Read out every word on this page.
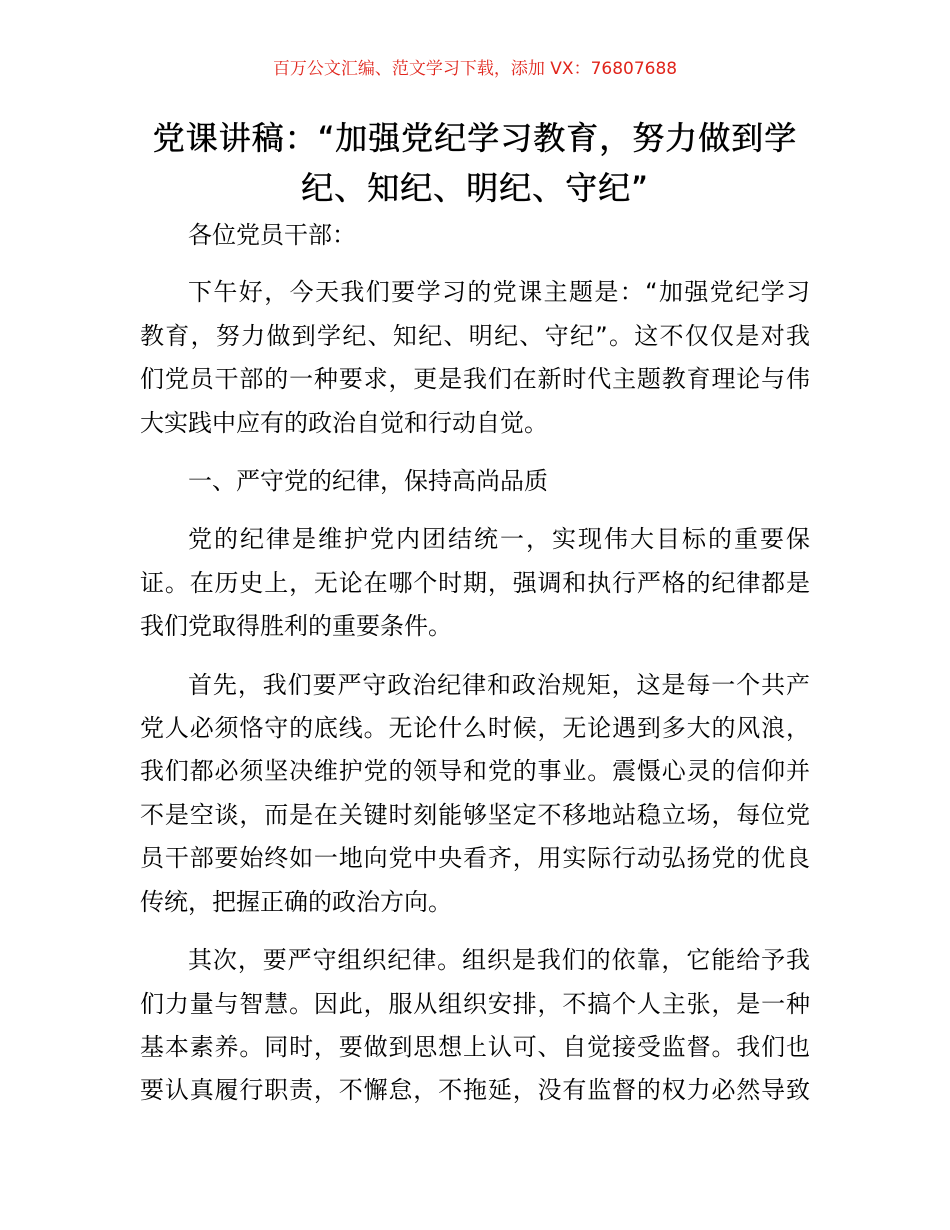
百万公文汇编、范文学习下载，添加 VX：76807688
党课讲稿：“加强党纪学习教育，努力做到学
纪、知纪、明纪、守纪”

各位党员干部：

下午好，今天我们要学习的党课主题是：“加强党纪学习
教育，努力做到学纪、知纪、明纪、守纪”。这不仅仅是对我
们党员干部的一种要求，更是我们在新时代主题教育理论与伟
大实践中应有的政治自觉和行动自觉。

一、严守党的纪律，保持高尚品质

党的纪律是维护党内团结统一，实现伟大目标的重要保
证。在历史上，无论在哪个时期，强调和执行严格的纪律都是
我们党取得胜利的重要条件。

首先，我们要严守政治纪律和政治规矩，这是每一个共产
党人必须恪守的底线。无论什么时候，无论遇到多大的风浪，
我们都必须坚决维护党的领导和党的事业。震慑心灵的信仰并
不是空谈，而是在关键时刻能够坚定不移地站稳立场，每位党
员干部要始终如一地向党中央看齐，用实际行动弘扬党的优良
传统，把握正确的政治方向。

其次，要严守组织纪律。组织是我们的依靠，它能给予我
们力量与智慧。因此，服从组织安排，不搞个人主张，是一种
基本素养。同时，要做到思想上认可、自觉接受监督。我们也
要认真履行职责，不懈怠，不拖延，没有监督的权力必然导致
